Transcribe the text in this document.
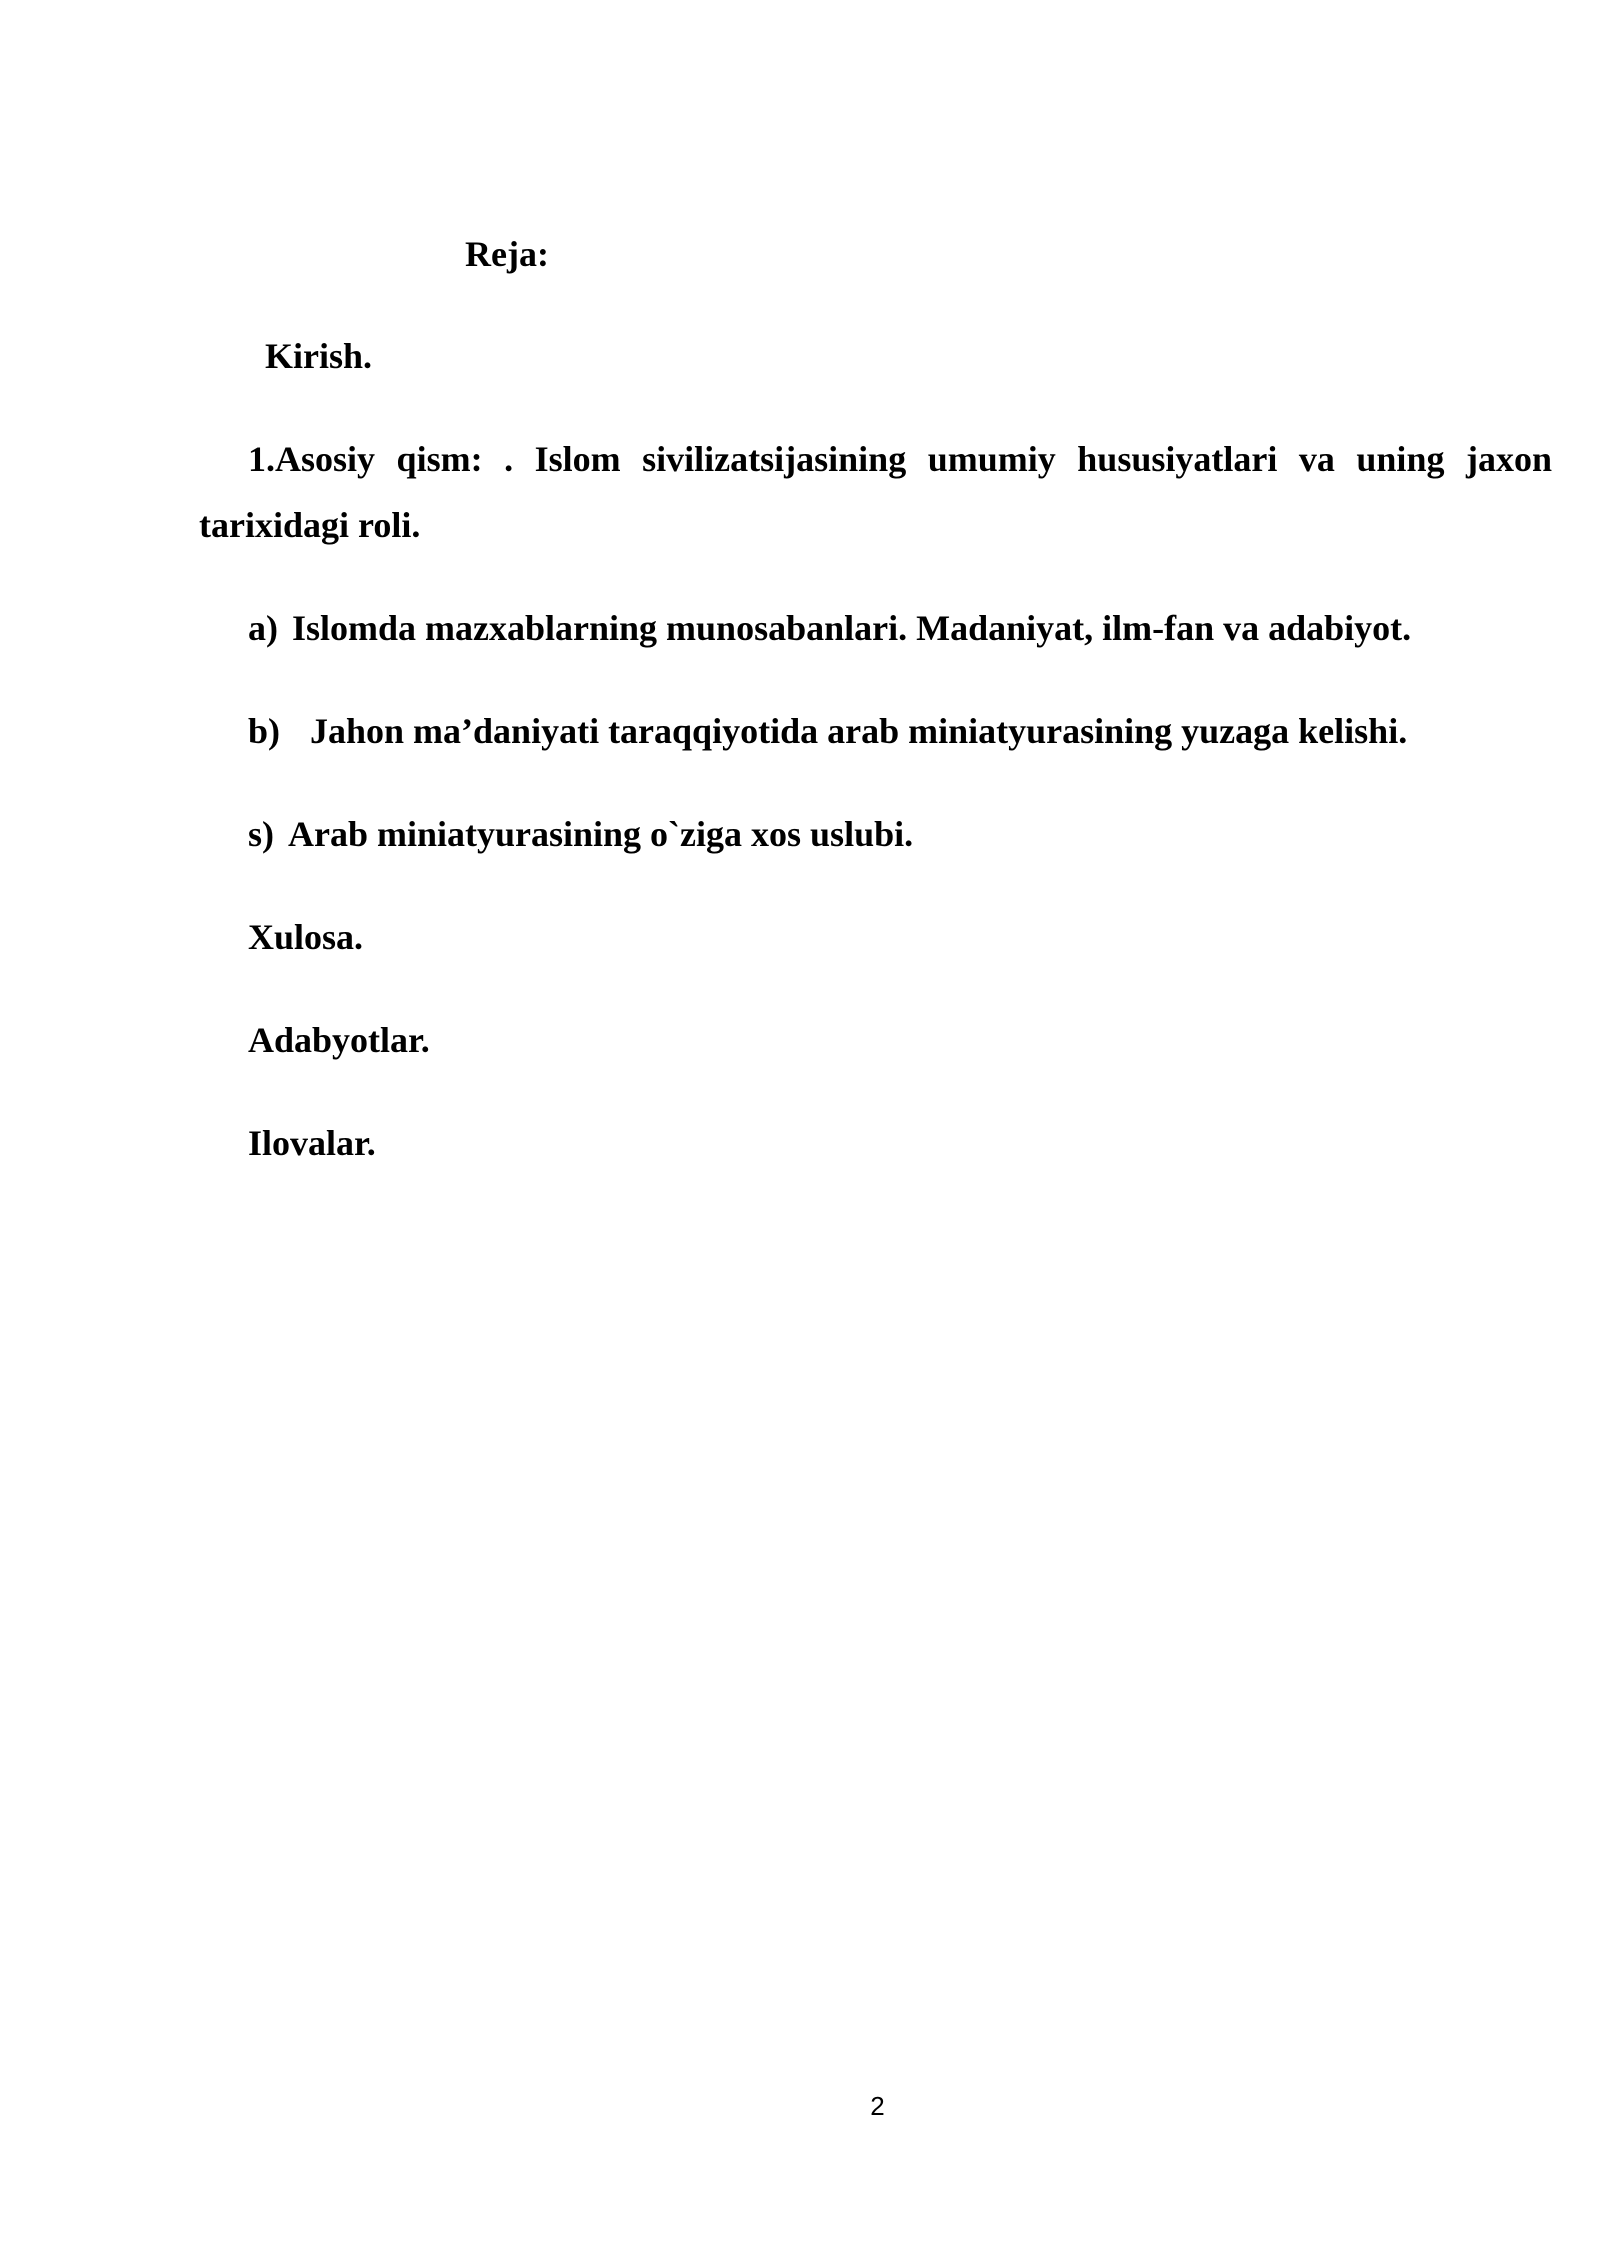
Reja:

Kirish.

1.Asosiy qism: . Islom sivilizatsijasining umumiy hususiyatlari va uning jaxon

tarixidagi roli.

a) Islomda mazxablarning munosabanlari. Madaniyat, ilm-fan va adabiyot.

b) Jahon ma’daniyati taraqqiyotida arab miniatyurasining yuzaga kelishi.

s) Arab miniatyurasining o`ziga xos uslubi.

Xulosa.

Adabyotlar.

Ilovalar.

2
